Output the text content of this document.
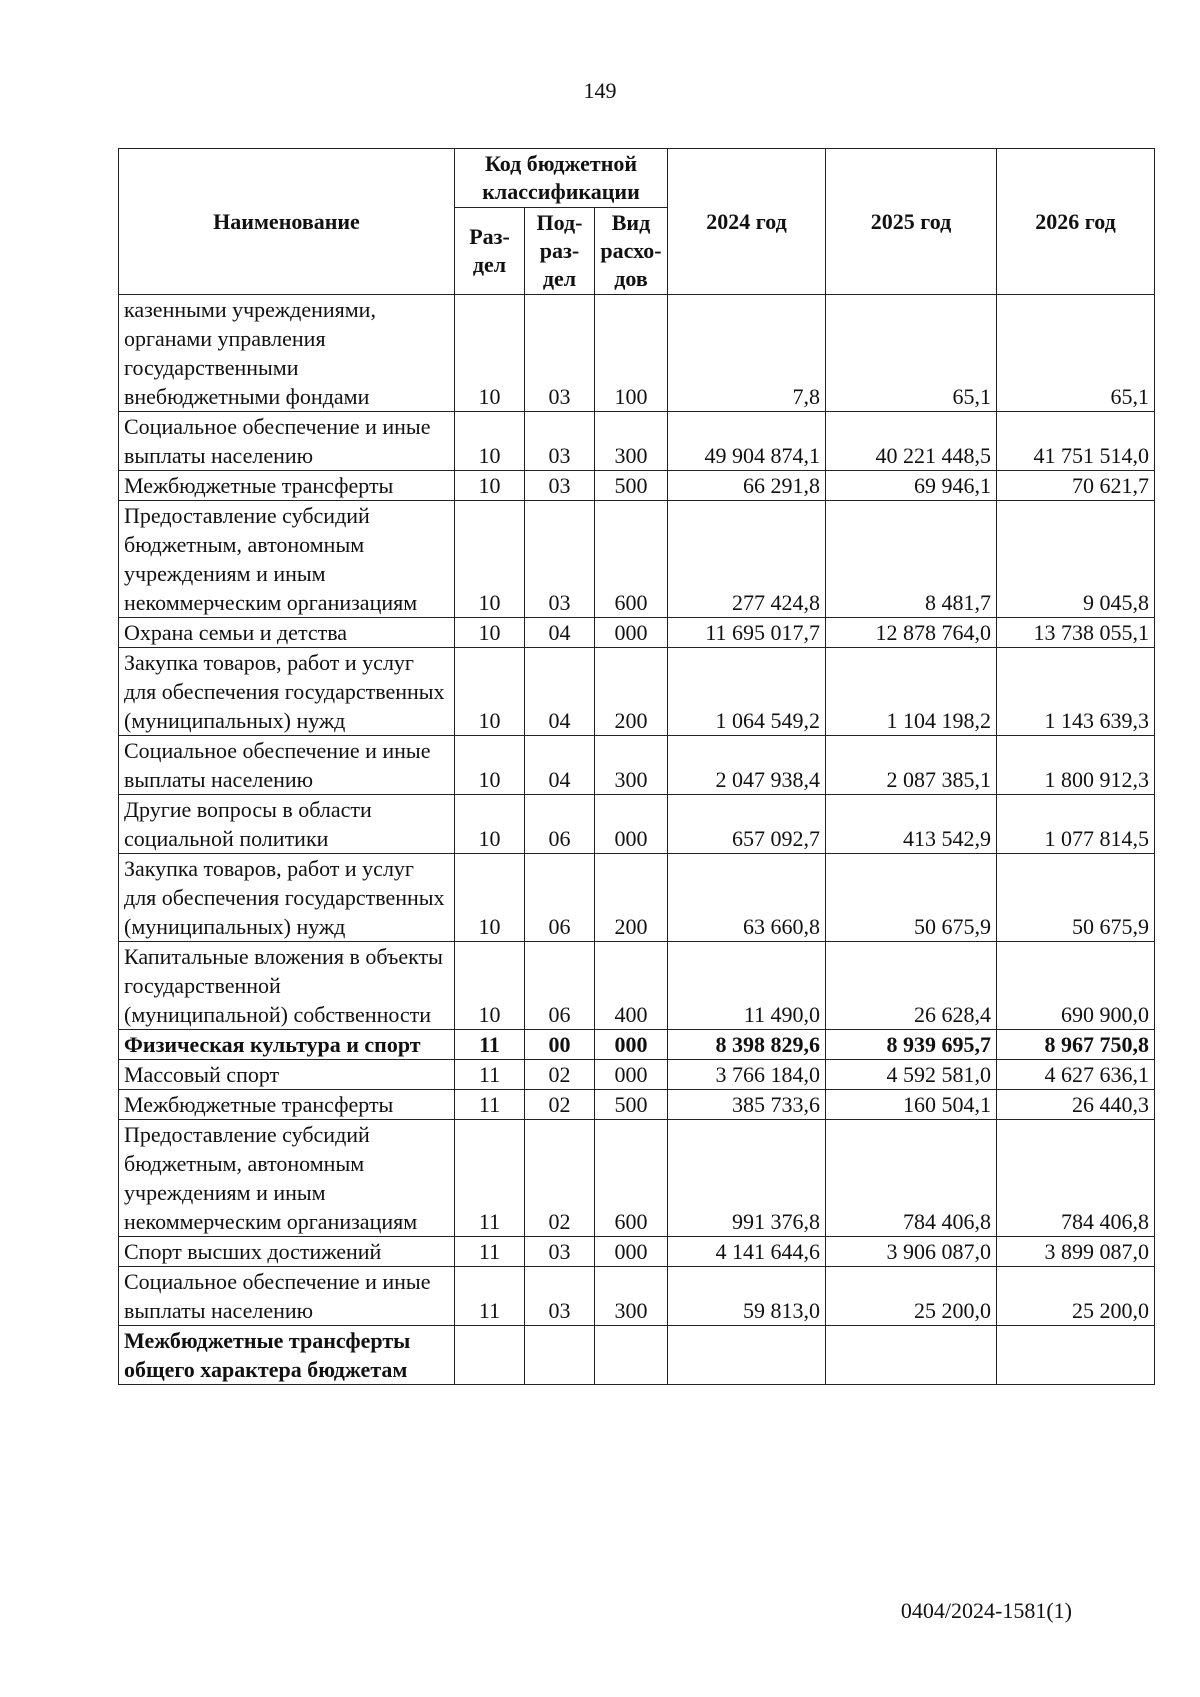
149
Наименование	Код бюджетной классификации			2024 год	2025 год	2026 год
	Раз-дел	Под-раз-дел	Вид расхо-дов			
казенными учреждениями, органами управления государственными внебюджетными фондами	10	03	100	7,8	65,1	65,1
Социальное обеспечение и иные выплаты населению	10	03	300	49 904 874,1	40 221 448,5	41 751 514,0
Межбюджетные трансферты	10	03	500	66 291,8	69 946,1	70 621,7
Предоставление субсидий бюджетным, автономным учреждениям и иным некоммерческим организациям	10	03	600	277 424,8	8 481,7	9 045,8
Охрана семьи и детства	10	04	000	11 695 017,7	12 878 764,0	13 738 055,1
Закупка товаров, работ и услуг для обеспечения государственных (муниципальных) нужд	10	04	200	1 064 549,2	1 104 198,2	1 143 639,3
Социальное обеспечение и иные выплаты населению	10	04	300	2 047 938,4	2 087 385,1	1 800 912,3
Другие вопросы в области социальной политики	10	06	000	657 092,7	413 542,9	1 077 814,5
Закупка товаров, работ и услуг для обеспечения государственных (муниципальных) нужд	10	06	200	63 660,8	50 675,9	50 675,9
Капитальные вложения в объекты государственной (муниципальной) собственности	10	06	400	11 490,0	26 628,4	690 900,0
Физическая культура и спорт	11	00	000	8 398 829,6	8 939 695,7	8 967 750,8
Массовый спорт	11	02	000	3 766 184,0	4 592 581,0	4 627 636,1
Межбюджетные трансферты	11	02	500	385 733,6	160 504,1	26 440,3
Предоставление субсидий бюджетным, автономным учреждениям и иным некоммерческим организациям	11	02	600	991 376,8	784 406,8	784 406,8
Спорт высших достижений	11	03	000	4 141 644,6	3 906 087,0	3 899 087,0
Социальное обеспечение и иные выплаты населению	11	03	300	59 813,0	25 200,0	25 200,0
Межбюджетные трансферты общего характера бюджетам						
0404/2024-1581(1)
